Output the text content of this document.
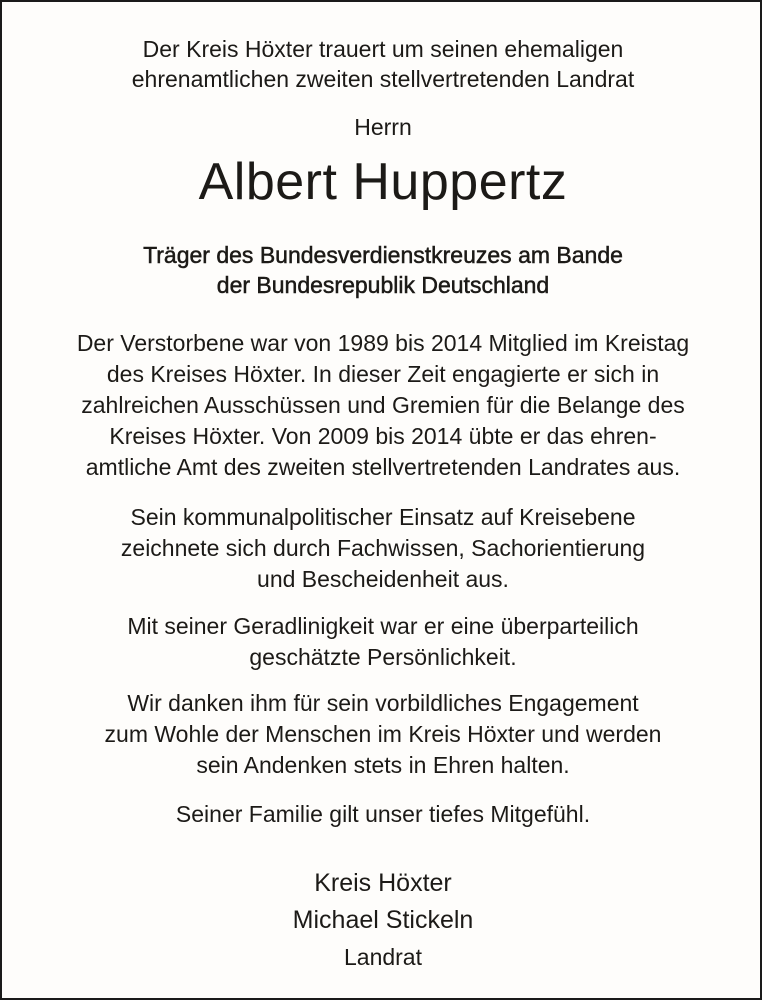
Der Kreis Höxter trauert um seinen ehemaligen
ehrenamtlichen zweiten stellvertretenden Landrat
Herrn
Albert Huppertz
Träger des Bundesverdienstkreuzes am Bande
der Bundesrepublik Deutschland
Der Verstorbene war von 1989 bis 2014 Mitglied im Kreistag
des Kreises Höxter. In dieser Zeit engagierte er sich in
zahlreichen Ausschüssen und Gremien für die Belange des
Kreises Höxter. Von 2009 bis 2014 übte er das ehren-
amtliche Amt des zweiten stellvertretenden Landrates aus.
Sein kommunalpolitischer Einsatz auf Kreisebene
zeichnete sich durch Fachwissen, Sachorientierung
und Bescheidenheit aus.
Mit seiner Geradlinigkeit war er eine überparteilich
geschätzte Persönlichkeit.
Wir danken ihm für sein vorbildliches Engagement
zum Wohle der Menschen im Kreis Höxter und werden
sein Andenken stets in Ehren halten.
Seiner Familie gilt unser tiefes Mitgefühl.
Kreis Höxter
Michael Stickeln
Landrat
